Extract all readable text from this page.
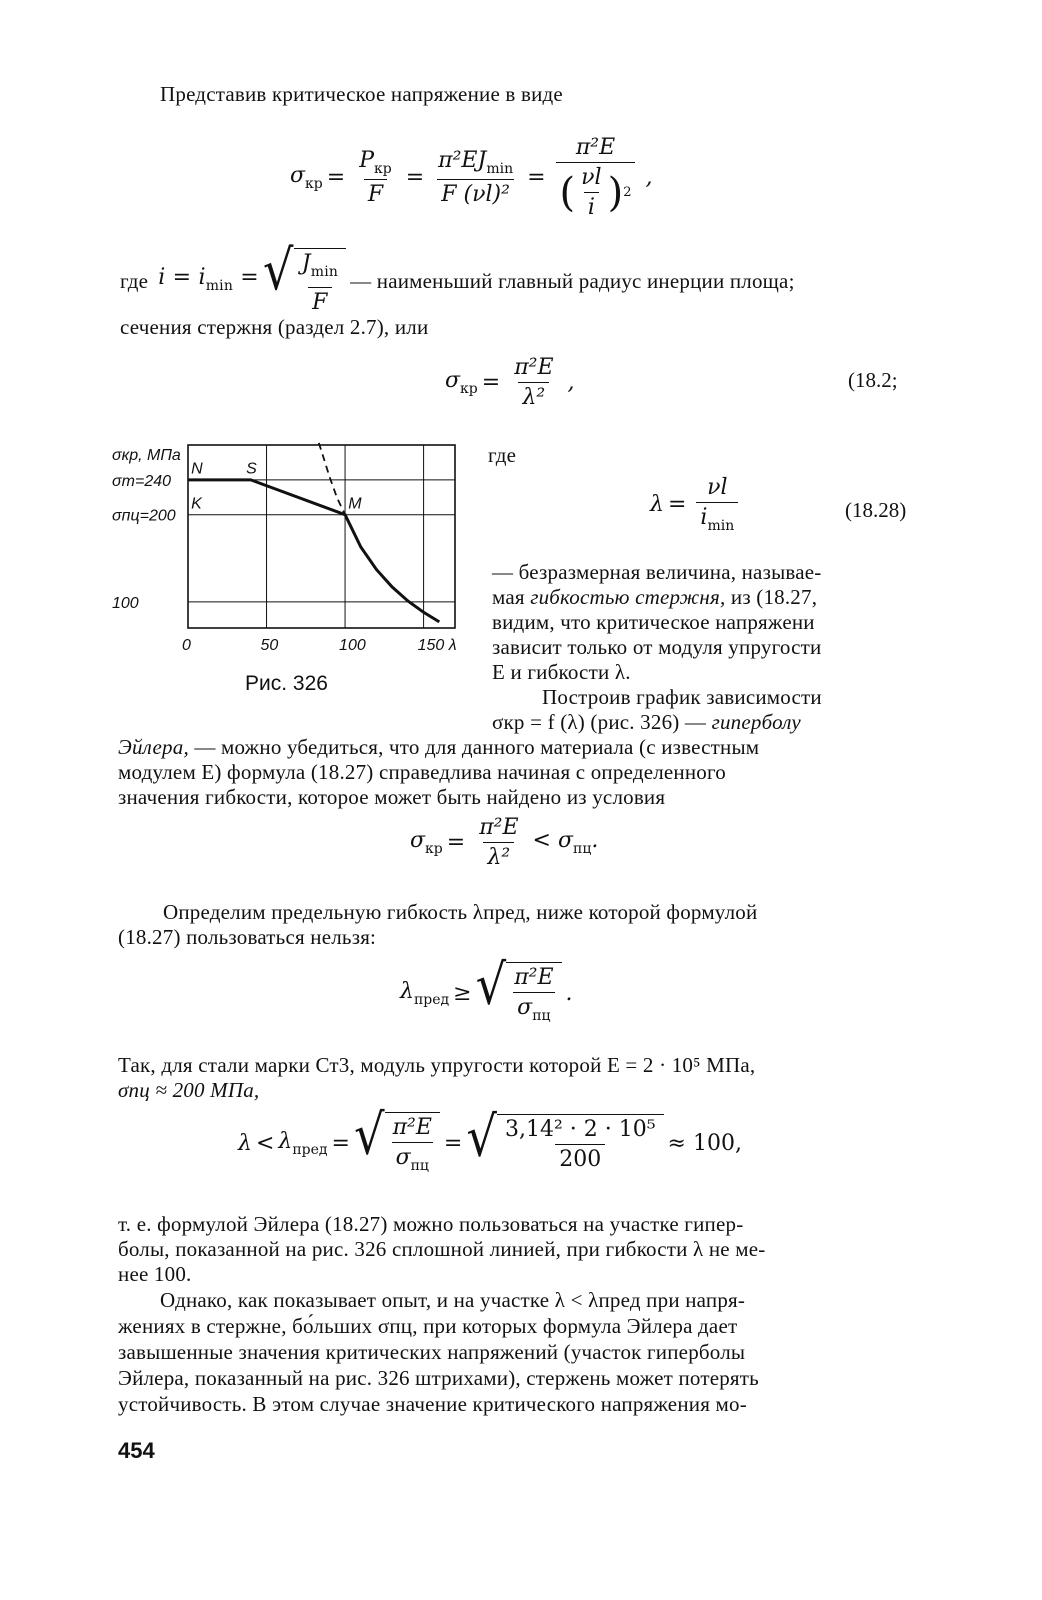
Представив критическое напряжение в виде
$\sigma_{кр} = \frac{P_{кр}}{F} = \frac{\pi^2EJ_{min}}{\text{F (νl)²}}$ =
π²E
( $\frac{\nu l}{i}$ ) 2
,
где $i = i_{min}$ = √ $\frac{J_{min}}{F}$ — наименьший главный радиус инерции площа;
сечения стержня (раздел 2.7), или
$\sigma_{кр} = \frac{\text{π²E}}{\text{λ²}}$ ,	(18.2;
σкр, МПа
σт=240
σпц=200
100
0	50	100	150 λ
N	S
K	M
Рис. 326
где
$\lambda = \frac{\nu l}{i_{min}}$	(18.28)
— безразмерная величина, называе-
мая гибкостью стержня, из (18.27,
видим, что критическое напряжени
зависит только от модуля упругости
E и гибкости λ.
Построив график зависимости
σкр = f (λ) (рис. 326) — гиперболу
Эйлера, — можно убедиться, что для данного материала (с известным
модулем E) формула (18.27) справедлива начиная с определенного
значения гибкости, которое может быть найдено из условия
$\sigma_{кр} = \frac{\text{π²E}}{\text{λ²}} < \sigma_{пц}$.
Определим предельную гибкость λпред, ниже которой формулой
(18.27) пользоваться нельзя:
$\lambda_{пред}$ ≥ √ $\frac{\text{π²E}}{\sigma_{пц}}$ .
Так, для стали марки Ст3, модуль упругости которой E = 2 · 10⁵ МПа,
σпц ≈ 200 МПа,
$\lambda < \lambda_{пред}$ = √ $\frac{\text{π²E}}{\sigma_{пц}}$ = √ $\frac{\text{3,14² · 2 · 10⁵}}{200} \approx 100$,
т. е. формулой Эйлера (18.27) можно пользоваться на участке гипер-
болы, показанной на рис. 326 сплошной линией, при гибкости λ не ме-
нее 100.
Однако, как показывает опыт, и на участке λ < λпред при напря-
жениях в стержне, бо́льших σпц, при которых формула Эйлера дает
завышенные значения критических напряжений (участок гиперболы
Эйлера, показанный на рис. 326 штрихами), стержень может потерять
устойчивость. В этом случае значение критического напряжения мо-
454
